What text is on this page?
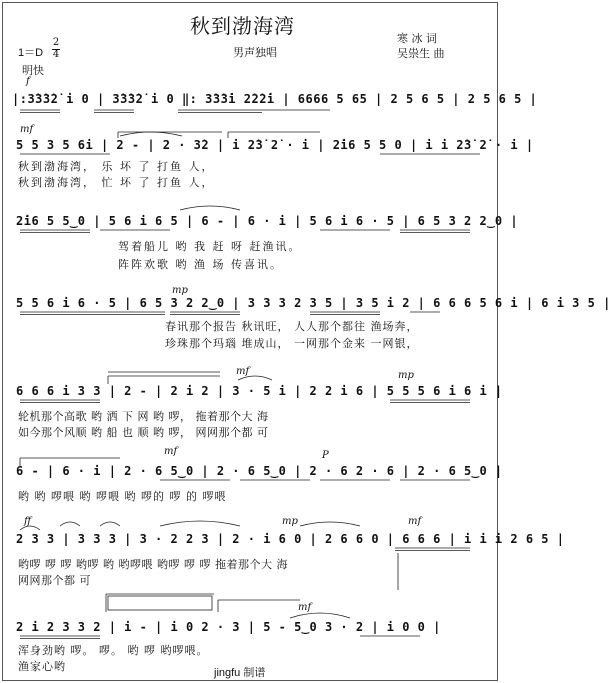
秋到渤海湾
男声独唱
寒 冰 词
吴祟生 曲
1＝D
2
4
明快
f
mf
mp
mf	mp
mf	P
ff	mp	mf
mf
|:3̇3̇3̇2̇ i 0 | 3̇3̇3̇2̇ i 0 ‖: 3̇3̇3̇i 2̇2̇2̇i | 6666 5 65 | 2 5 6 5 | 2 5 6 5 |
5 5 3 5 6i | 2 - | 2 · 3̇2 | i 2̇3̇ 2̇ · i | 2̇i6 5 5 0 | i i 2̇3̇ 2̇ · i |
秋到渤海湾， 乐 坏 了 打鱼 人，
秋到渤海湾， 忙 坏 了 打鱼 人，
2̇i6 5 5‿0 | 5 6 i 6 5 | 6 - | 6 · i | 5 6 i 6 · 5 | 6 5 3 2 2‿0 |
驾着船儿 哟 我 赶 呀 赶渔讯。
阵阵欢歌 哟 渔 场 传喜讯。
5 5 6 i 6 · 5 | 6 5 3 2 2‿0 | 3 3 3 2 3 5 | 3 5 i 2 | 6 6 6 5 6 i | 6 i 3 5 |
春讯那个报告 秋讯旺， 人人那个都往 渔场奔，
珍珠那个玛瑙 堆成山， 一网那个金来 一网银，
6 6 6 i 3 3 | 2 - | 2 i 2 | 3 · 5 i | 2 2 i 6 | 5 5 5 6 i 6 i |
轮机那个高歌 哟 洒 下 网 哟 啰， 拖着那个大 海
如今那个风顺 哟 船 也 顺 哟 啰， 网网那个都 可
6 - | 6 · i | 2 · 6 5‿0 | 2 · 6 5‿0 | 2 · 6 2 · 6 | 2 · 6 5‿0 |
哟 哟 啰喂 哟 啰喂 哟 啰的 啰 的 啰喂
2 3 3 | 3 3 3 | 3 · 2 2 3 | 2 · i 6 0 | 2 6 6 0 | 6 6 6 | i i i 2 6 5 |
哟啰 啰 啰 哟啰 哟 哟啰喂 哟啰 啰 啰 拖着那个大 海
网网那个都 可
2 i 2 3 3 2 | i - | i 0 2 · 3 | 5 - 5‿0 3 · 2 | i 0 0 |
浑身劲哟 啰。 啰。 哟 啰 哟啰喂。
渔家心哟	jingfu 制谱
